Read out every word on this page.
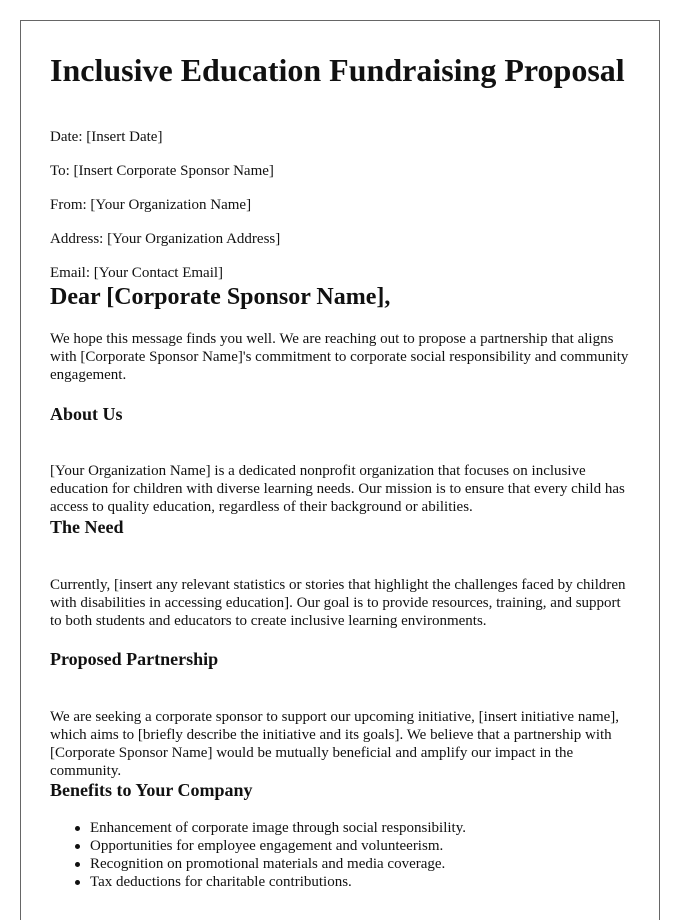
Inclusive Education Fundraising Proposal
Date: [Insert Date]
To: [Insert Corporate Sponsor Name]
From: [Your Organization Name]
Address: [Your Organization Address]
Email: [Your Contact Email]
Dear [Corporate Sponsor Name],

We hope this message finds you well. We are reaching out to propose a partnership that aligns with [Corporate Sponsor Name]'s commitment to corporate social responsibility and community engagement.

About Us

[Your Organization Name] is a dedicated nonprofit organization that focuses on inclusive education for children with diverse learning needs. Our mission is to ensure that every child has access to quality education, regardless of their background or abilities.

The Need

Currently, [insert any relevant statistics or stories that highlight the challenges faced by children with disabilities in accessing education]. Our goal is to provide resources, training, and support to both students and educators to create inclusive learning environments.

Proposed Partnership

We are seeking a corporate sponsor to support our upcoming initiative, [insert initiative name], which aims to [briefly describe the initiative and its goals]. We believe that a partnership with [Corporate Sponsor Name] would be mutually beneficial and amplify our impact in the community.

Benefits to Your Company
Enhancement of corporate image through social responsibility.
Opportunities for employee engagement and volunteerism.
Recognition on promotional materials and media coverage.
Tax deductions for charitable contributions.
